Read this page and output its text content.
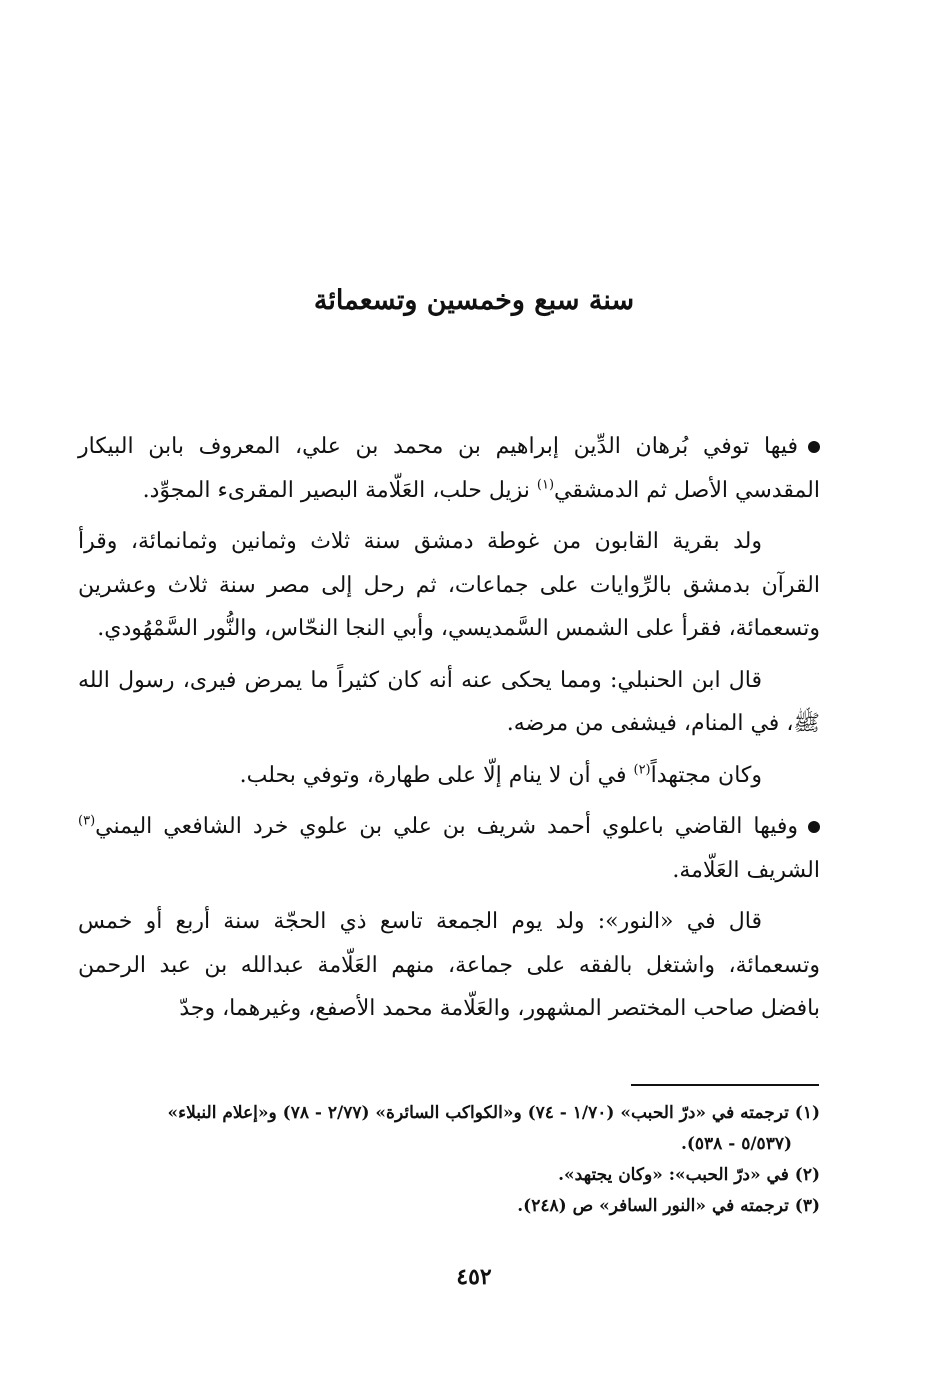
سنة سبع وخمسين وتسعمائة

فيها توفي بُرهان الدِّين إبراهيم بن محمد بن علي، المعروف بابن البيكار المقدسي الأصل ثم الدمشقي$^{(١)}$ نزيل حلب، العَلّامة البصير المقرىء المجوِّد.

ولد بقرية القابون من غوطة دمشق سنة ثلاث وثمانين وثمانمائة، وقرأ القرآن بدمشق بالرِّوايات على جماعات، ثم رحل إلى مصر سنة ثلاث وعشرين وتسعمائة، فقرأ على الشمس السَّمديسي، وأبي النجا النحّاس، والنُّور السَّمْهُودي.

قال ابن الحنبلي: ومما يحكى عنه أنه كان كثيراً ما يمرض فيرى، رسول الله ﷺ، في المنام، فيشفى من مرضه.

وكان مجتهداً$^{(٢)}$ في أن لا ينام إلّا على طهارة، وتوفي بحلب.

وفيها القاضي باعلوي أحمد شريف بن علي بن علوي خرد الشافعي اليمني$^{(٣)}$ الشريف العَلّامة.

قال في «النور»: ولد يوم الجمعة تاسع ذي الحجّة سنة أربع أو خمس وتسعمائة، واشتغل بالفقه على جماعة، منهم العَلّامة عبدالله بن عبد الرحمن بافضل صاحب المختصر المشهور، والعَلّامة محمد الأصفع، وغيرهما، وجدّ

(١) ترجمته في «درّ الحبب» (١/٧٠ - ٧٤) و«الكواكب السائرة» (٢/٧٧ - ٧٨) و«إعلام النبلاء»
(٥/٥٣٧ - ٥٣٨).

(٢) في «درّ الحبب»: «وكان يجتهد».

(٣) ترجمته في «النور السافر» ص (٢٤٨).

٤٥٢
